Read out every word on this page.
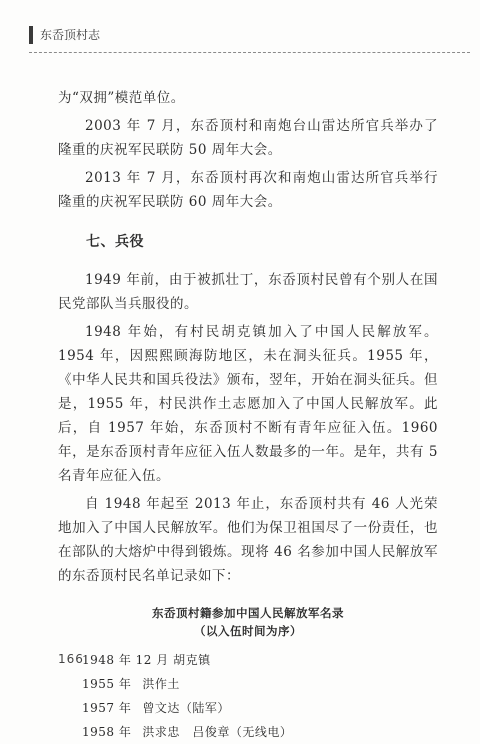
东岙顶村志

为“双拥”模范单位。

2003 年 7 月，东岙顶村和南炮台山雷达所官兵举办了隆重的庆祝军民联防 50 周年大会。

2013 年 7 月，东岙顶村再次和南炮山雷达所官兵举行隆重的庆祝军民联防 60 周年大会。

七、兵役

1949 年前，由于被抓壮丁，东岙顶村民曾有个别人在国民党部队当兵服役的。

1948 年始，有村民胡克镇加入了中国人民解放军。1954 年，因熙熙顾海防地区，未在洞头征兵。1955 年，《中华人民共和国兵役法》颁布，翌年，开始在洞头征兵。但是，1955 年，村民洪作土志愿加入了中国人民解放军。此后，自 1957 年始，东岙顶村不断有青年应征入伍。1960 年，是东岙顶村青年应征入伍人数最多的一年。是年，共有 5 名青年应征入伍。

自 1948 年起至 2013 年止，东岙顶村共有 46 人光荣地加入了中国人民解放军。他们为保卫祖国尽了一份责任，也在部队的大熔炉中得到锻炼。现将 46 名参加中国人民解放军的东岙顶村民名单记录如下：

东岙顶村籍参加中国人民解放军名录
（以入伍时间为序）
1948 年 12 月 胡克镇
1955 年 洪作土
1957 年 曾文达（陆军）
1958 年 洪求忠　吕俊章（无线电）
166
